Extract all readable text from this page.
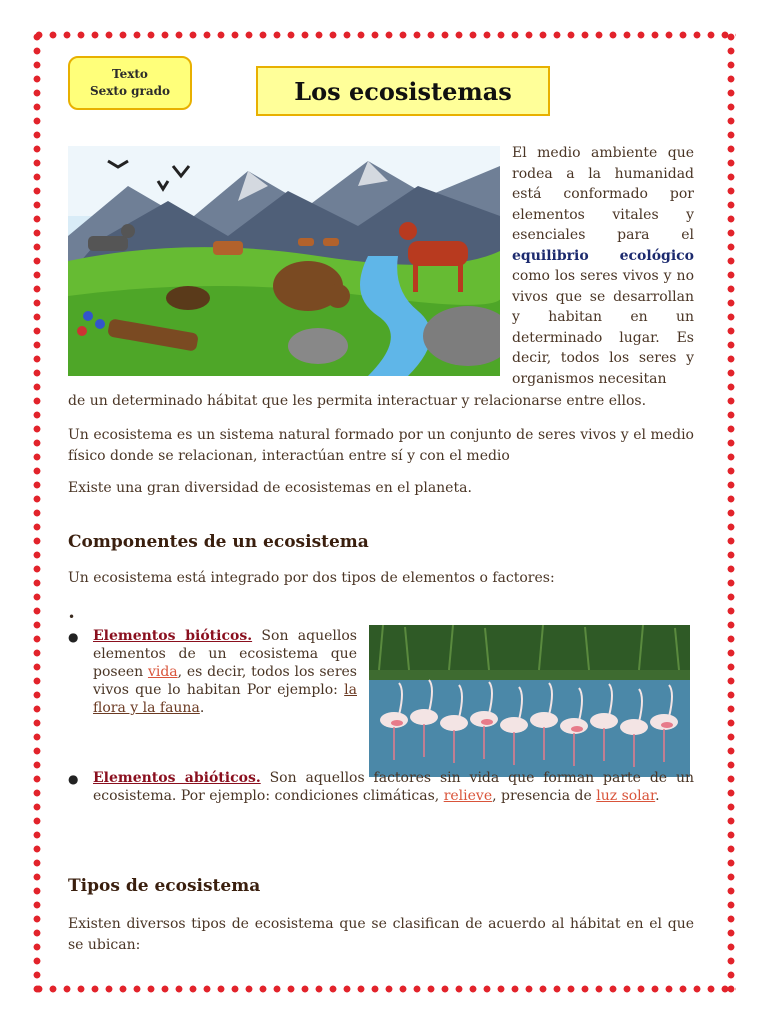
Texto
Sexto grado	Los ecosistemas

El medio ambiente que rodea a la humanidad está conformado por elementos vitales y esenciales para el equilibrio ecológico como los seres vivos y no vivos que se desarrollan y habitan en un determinado lugar. Es decir, todos los seres y organismos necesitan

de un determinado hábitat que les permita interactuar y relacionarse entre ellos.

Un ecosistema es un sistema natural formado por un conjunto de seres vivos y el medio físico donde se relacionan, interactúan entre sí y con el medio

Existe una gran diversidad de ecosistemas en el planeta.

Componentes de un ecosistema

Un ecosistema está integrado por dos tipos de elementos o factores:

•
● Elementos bióticos. Son aquellos elementos de un ecosistema que poseen vida, es decir, todos los seres vivos que lo habitan Por ejemplo: la flora y la fauna.

● Elementos abióticos. Son aquellos factores sin vida que forman parte de un ecosistema. Por ejemplo: condiciones climáticas, relieve, presencia de luz solar.

Tipos de ecosistema

Existen diversos tipos de ecosistema que se clasifican de acuerdo al hábitat en el que se ubican:
